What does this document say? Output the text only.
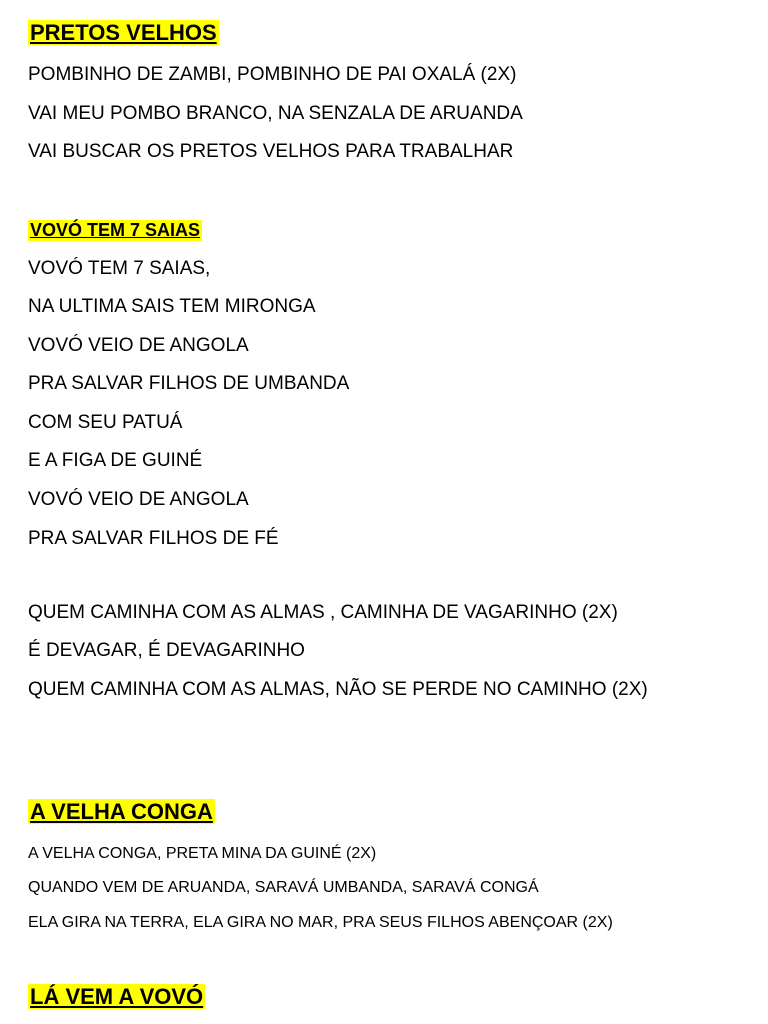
PRETOS VELHOS
POMBINHO DE ZAMBI, POMBINHO DE PAI OXALÁ (2X)
VAI MEU POMBO BRANCO, NA SENZALA DE ARUANDA
VAI BUSCAR OS PRETOS VELHOS PARA TRABALHAR
VOVÓ TEM 7 SAIAS
VOVÓ TEM 7 SAIAS,
NA ULTIMA SAIS TEM MIRONGA
VOVÓ VEIO DE ANGOLA
PRA SALVAR FILHOS DE UMBANDA
COM SEU PATUÁ
E A FIGA DE GUINÉ
VOVÓ VEIO DE ANGOLA
PRA SALVAR FILHOS DE FÉ
QUEM CAMINHA COM AS ALMAS , CAMINHA DE VAGARINHO (2X)
É DEVAGAR, É DEVAGARINHO
QUEM CAMINHA COM AS ALMAS, NÃO SE PERDE NO CAMINHO (2X)
A VELHA CONGA
A VELHA CONGA, PRETA MINA DA GUINÉ (2X)
QUANDO VEM DE ARUANDA, SARAVÁ UMBANDA, SARAVÁ CONGÁ
ELA GIRA NA TERRA, ELA GIRA NO MAR, PRA SEUS FILHOS ABENÇOAR (2X)
LÁ VEM A VOVÓ
